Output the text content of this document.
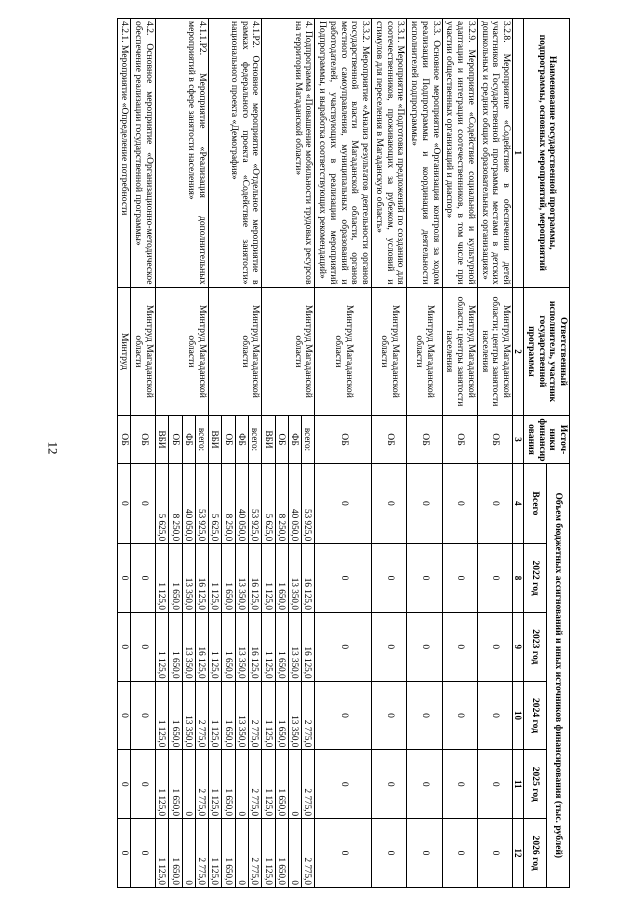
12
Наименование государственной программы, подпрограммы, основных мероприятий, мероприятий	Ответственный исполнитель, участник государственной программы	Источ-ники финансир ования	Объем бюджетных ассигнований и иных источников финансирования (тыс. рублей)					
			Всего	2022 год	2023 год	2024 год	2025 год	2026 год
1	2	3	4	8	9	10	11	12
3.2.8. Мероприятие «Содействие в обеспечении детей участников Государственной программы местами в детских дошкольных и средних общих образовательных организациях»	Минтруд Магаданской области; центры занятости населения	ОБ	0	0	0	0	0	0
3.2.9. Мероприятие «Содействие социальной и культурной адаптации и интеграции соотечественников, в том числе при участии общественных организаций и диаспор»	Минтруд Магаданской области; центры занятости населения	ОБ	0	0	0	0	0	0
3.3. Основное мероприятие «Организация контроля за ходом реализации Подпрограммы и координация деятельности исполнителей подпрограммы»	Минтруд Магаданской области	ОБ	0	0	0	0	0	0
3.3.1. Мероприятие «Подготовка предложений по созданию для соотечественников, проживающих за рубежом, условий и стимулов для переселения в Магаданскую область»	Минтруд Магаданской области	ОБ	0	0	0	0	0	0
3.3.2. Мероприятие «Анализ результатов деятельности органов государственной власти Магаданской области, органов местного самоуправления, муниципальных образований и работодателей, участвующих в реализации мероприятий Подпрограммы, и выработка соответствующих рекомендаций»	Минтруд Магаданской области	ОБ	0	0	0	0	0	0
4. Подпрограмма «Повышение мобильности трудовых ресурсов на территории Магаданской области»	Минтруд Магаданской области	всего:	53 925,0	16 125,0	16 125,0	2 775,0	2 775,0	2 775,0
		ФБ	40 050,0	13 350,0	13 350,0	13 350,0	0	0
		ОБ	8 250,0	1 650,0	1 650,0	1 650,0	1 650,0	1 650,0
		ВБИ	5 625,0	1 125,0	1 125,0	1 125,0	1 125,0	1 125,0
4.1.Р2. Основное мероприятие «Отдельное мероприятие в рамках федерального проекта «Содействие занятости» национального проекта «Демография»	Минтруд Магаданской области	всего:	53 925,0	16 125,0	16 125,0	2 775,0	2 775,0	2 775,0
		ФБ	40 050,0	13 350,0	13 350,0	13 350,0	0	0
		ОБ	8 250,0	1 650,0	1 650,0	1 650,0	1 650,0	1 650,0
		ВБИ	5 625,0	1 125,0	1 125,0	1 125,0	1 125,0	1 125,0
4.1.1.Р2. Мероприятие «Реализация дополнительных мероприятий в сфере занятости населения»	Минтруд Магаданской области	всего:	53 925,0	16 125,0	16 125,0	2 775,0	2 775,0	2 775,0
		ФБ	40 050,0	13 350,0	13 350,0	13 350,0	0	0
		ОБ	8 250,0	1 650,0	1 650,0	1 650,0	1 650,0	1 650,0
		ВБИ	5 625,0	1 125,0	1 125,0	1 125,0	1 125,0	1 125,0
4.2. Основное мероприятие «Организационно-методическое обеспечение реализации государственной программы»	Минтруд Магаданской области	ОБ	0	0	0	0	0	0
4.2.1. Мероприятие «Определение потребности	Минтруд	ОБ	0	0	0	0	0	0
